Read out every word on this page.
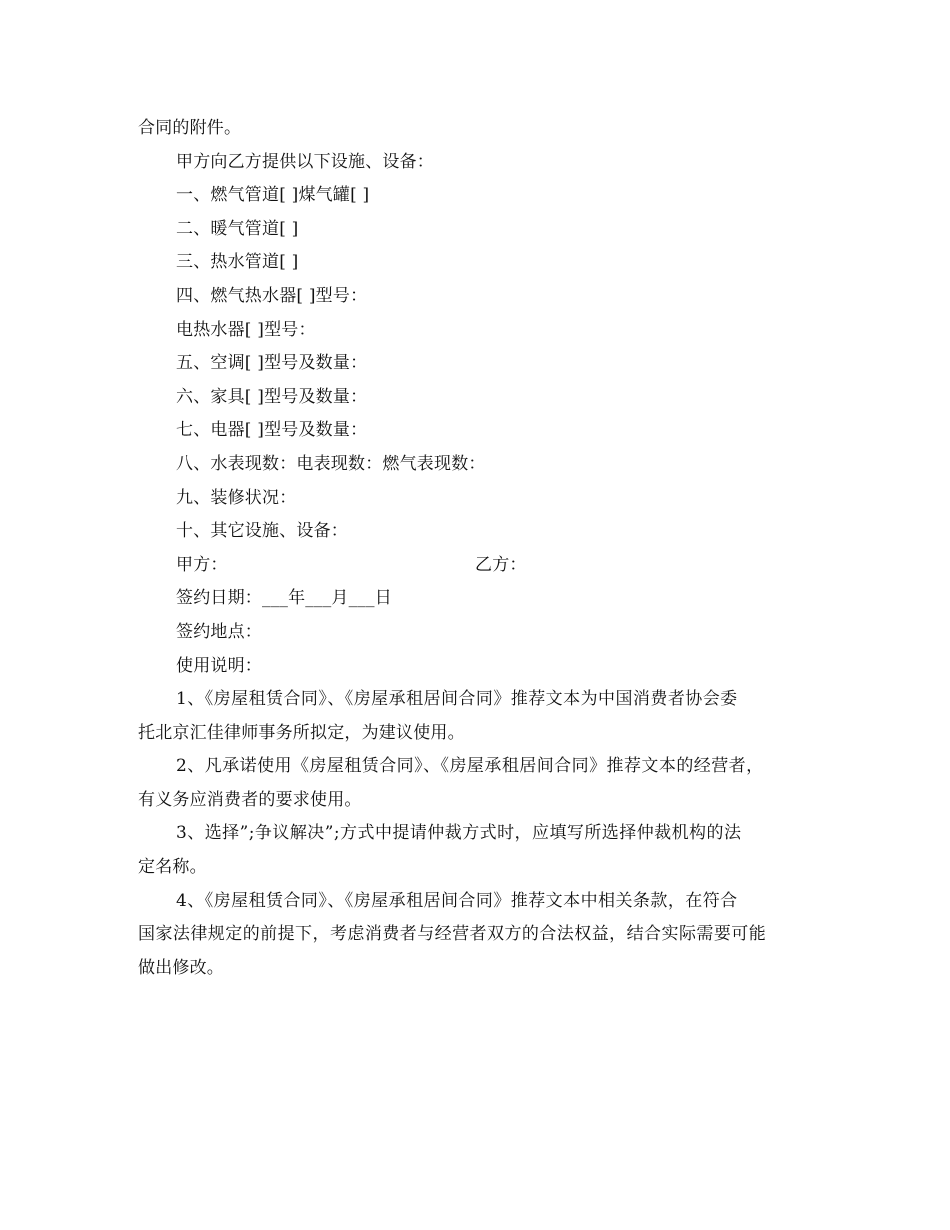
合同的附件。
甲方向乙方提供以下设施、设备：
一、燃气管道[ ]煤气罐[ ]
二、暖气管道[ ]
三、热水管道[ ]
四、燃气热水器[ ]型号：
电热水器[ ]型号：
五、空调[ ]型号及数量：
六、家具[ ]型号及数量：
七、电器[ ]型号及数量：
八、水表现数：电表现数：燃气表现数：
九、装修状况：
十、其它设施、设备：
甲方：	乙方：
签约日期：___年___月___日
签约地点：
使用说明：
1、《房屋租赁合同》、《房屋承租居间合同》推荐文本为中国消费者协会委
托北京汇佳律师事务所拟定，为建议使用。
2、凡承诺使用《房屋租赁合同》、《房屋承租居间合同》推荐文本的经营者，
有义务应消费者的要求使用。
3、选择”;争议解决”;方式中提请仲裁方式时，应填写所选择仲裁机构的法
定名称。
4、《房屋租赁合同》、《房屋承租居间合同》推荐文本中相关条款，在符合
国家法律规定的前提下，考虑消费者与经营者双方的合法权益，结合实际需要可能
做出修改。
